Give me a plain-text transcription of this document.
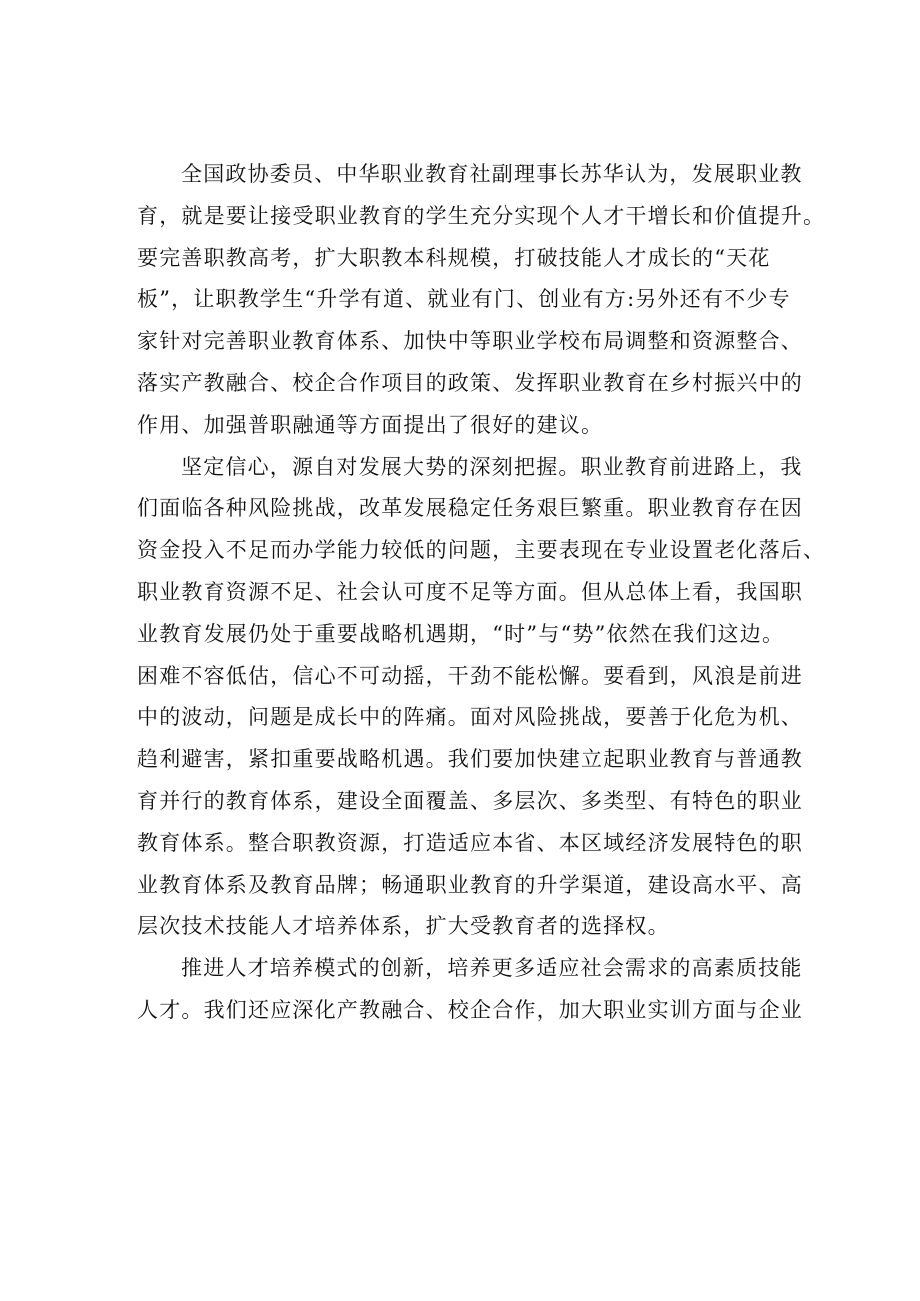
全国政协委员、中华职业教育社副理事长苏华认为，发展职业教
育，就是要让接受职业教育的学生充分实现个人才干增长和价值提升。
要完善职教高考，扩大职教本科规模，打破技能人才成长的“天花
板”，让职教学生“升学有道、就业有门、创业有方:另外还有不少专
家针对完善职业教育体系、加快中等职业学校布局调整和资源整合、
落实产教融合、校企合作项目的政策、发挥职业教育在乡村振兴中的
作用、加强普职融通等方面提出了很好的建议。
坚定信心，源自对发展大势的深刻把握。职业教育前进路上，我
们面临各种风险挑战，改革发展稳定任务艰巨繁重。职业教育存在因
资金投入不足而办学能力较低的问题，主要表现在专业设置老化落后、
职业教育资源不足、社会认可度不足等方面。但从总体上看，我国职
业教育发展仍处于重要战略机遇期，“时”与“势”依然在我们这边。
困难不容低估，信心不可动摇，干劲不能松懈。要看到，风浪是前进
中的波动，问题是成长中的阵痛。面对风险挑战，要善于化危为机、
趋利避害，紧扣重要战略机遇。我们要加快建立起职业教育与普通教
育并行的教育体系，建设全面覆盖、多层次、多类型、有特色的职业
教育体系。整合职教资源，打造适应本省、本区域经济发展特色的职
业教育体系及教育品牌；畅通职业教育的升学渠道，建设高水平、高
层次技术技能人才培养体系，扩大受教育者的选择权。
推进人才培养模式的创新，培养更多适应社会需求的高素质技能
人才。我们还应深化产教融合、校企合作，加大职业实训方面与企业
